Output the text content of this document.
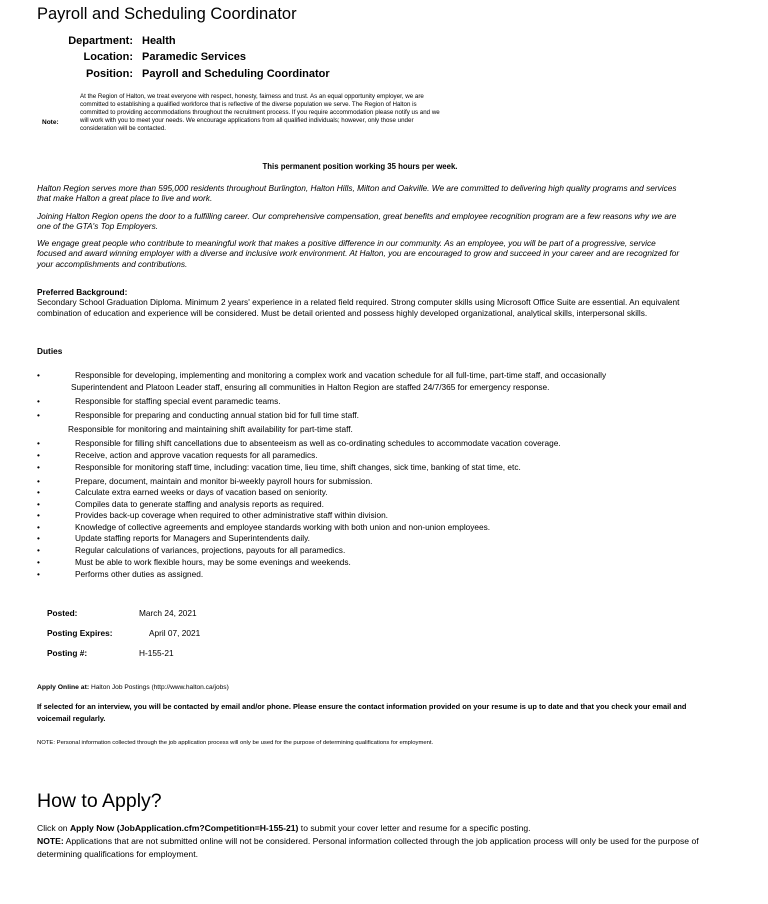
Payroll and Scheduling Coordinator
Department: Health
Location: Paramedic Services
Position: Payroll and Scheduling Coordinator
Note:
At the Region of Halton, we treat everyone with respect, honesty, fairness and trust. As an equal opportunity employer, we are committed to establishing a qualified workforce that is reflective of the diverse population we serve. The Region of Halton is committed to providing accommodations throughout the recruitment process. If you require accommodation please notify us and we will work with you to meet your needs. We encourage applications from all qualified individuals; however, only those under consideration will be contacted.
This permanent position working 35 hours per week.
Halton Region serves more than 595,000 residents throughout Burlington, Halton Hills, Milton and Oakville. We are committed to delivering high quality programs and services that make Halton a great place to live and work.
Joining Halton Region opens the door to a fulfilling career. Our comprehensive compensation, great benefits and employee recognition program are a few reasons why we are one of the GTA's Top Employers.
We engage great people who contribute to meaningful work that makes a positive difference in our community. As an employee, you will be part of a progressive, service focused and award winning employer with a diverse and inclusive work environment. At Halton, you are encouraged to grow and succeed in your career and are recognized for your accomplishments and contributions.
Preferred Background:
Secondary School Graduation Diploma. Minimum 2 years' experience in a related field required. Strong computer skills using Microsoft Office Suite are essential. An equivalent combination of education and experience will be considered. Must be detail oriented and possess highly developed organizational, analytical skills, interpersonal skills.
Duties
•	Responsible for developing, implementing and monitoring a complex work and vacation schedule for all full-time, part-time staff, and occasionally
Superintendent and Platoon Leader staff, ensuring all communities in Halton Region are staffed 24/7/365 for emergency response.
•	Responsible for staffing special event paramedic teams.
•	Responsible for preparing and conducting annual station bid for full time staff.
Responsible for monitoring and maintaining shift availability for part-time staff.
•	Responsible for filling shift cancellations due to absenteeism as well as co-ordinating schedules to accommodate vacation coverage.
•	Receive, action and approve vacation requests for all paramedics.
•	Responsible for monitoring staff time, including: vacation time, lieu time, shift changes, sick time, banking of stat time, etc.
•	Prepare, document, maintain and monitor bi-weekly payroll hours for submission.
•	Calculate extra earned weeks or days of vacation based on seniority.
•	Compiles data to generate staffing and analysis reports as required.
•	Provides back-up coverage when required to other administrative staff within division.
•	Knowledge of collective agreements and employee standards working with both union and non-union employees.
•	Update staffing reports for Managers and Superintendents daily.
•	Regular calculations of variances, projections, payouts for all paramedics.
•	Must be able to work flexible hours, may be some evenings and weekends.
•	Performs other duties as assigned.
Posted:	March 24, 2021
Posting Expires:	April 07, 2021
Posting #:	H-155-21
Apply Online at: Halton Job Postings (http://www.halton.ca/jobs)
If selected for an interview, you will be contacted by email and/or phone. Please ensure the contact information provided on your resume is up to date and that you check your email and voicemail regularly.
NOTE: Personal information collected through the job application process will only be used for the purpose of determining qualifications for employment.
How to Apply?
Click on Apply Now (JobApplication.cfm?Competition=H-155-21) to submit your cover letter and resume for a specific posting.
NOTE: Applications that are not submitted online will not be considered. Personal information collected through the job application process will only be used for the purpose of determining qualifications for employment.
